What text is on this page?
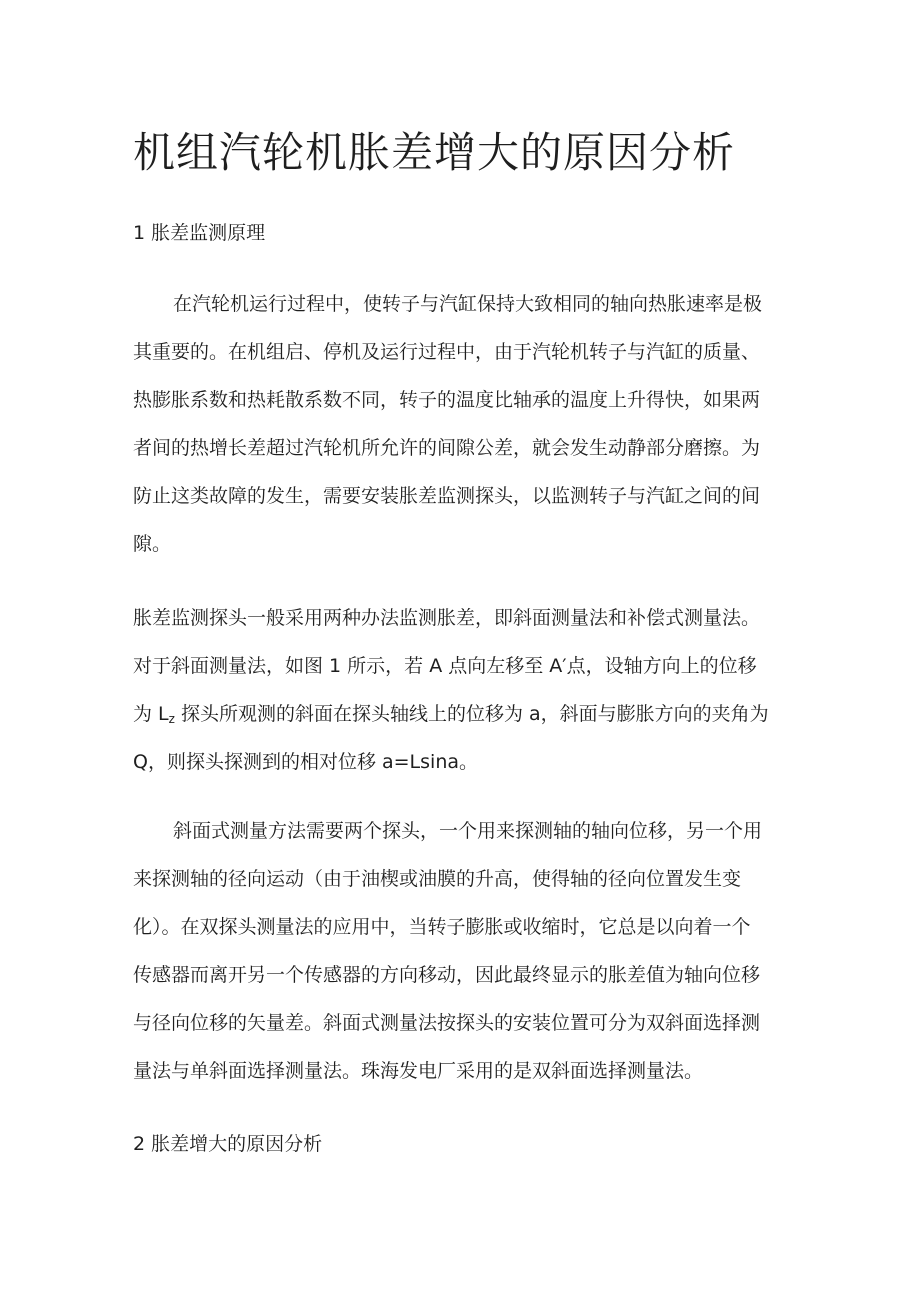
机组汽轮机胀差增大的原因分析
1 胀差监测原理
在汽轮机运行过程中，使转子与汽缸保持大致相同的轴向热胀速率是极
其重要的。在机组启、停机及运行过程中，由于汽轮机转子与汽缸的质量、
热膨胀系数和热耗散系数不同，转子的温度比轴承的温度上升得快，如果两
者间的热增长差超过汽轮机所允许的间隙公差，就会发生动静部分磨擦。为
防止这类故障的发生，需要安装胀差监测探头，以监测转子与汽缸之间的间
隙。
胀差监测探头一般采用两种办法监测胀差，即斜面测量法和补偿式测量法。
对于斜面测量法，如图 1 所示，若 A 点向左移至 A′点，设轴方向上的位移
为 $L_z$ 探头所观测的斜面在探头轴线上的位移为 a，斜面与膨胀方向的夹角为
Q，则探头探测到的相对位移 a=Lsina。
斜面式测量方法需要两个探头，一个用来探测轴的轴向位移，另一个用
来探测轴的径向运动（由于油楔或油膜的升高，使得轴的径向位置发生变
化）。在双探头测量法的应用中，当转子膨胀或收缩时，它总是以向着一个
传感器而离开另一个传感器的方向移动，因此最终显示的胀差值为轴向位移
与径向位移的矢量差。斜面式测量法按探头的安装位置可分为双斜面选择测
量法与单斜面选择测量法。珠海发电厂采用的是双斜面选择测量法。
2 胀差增大的原因分析
